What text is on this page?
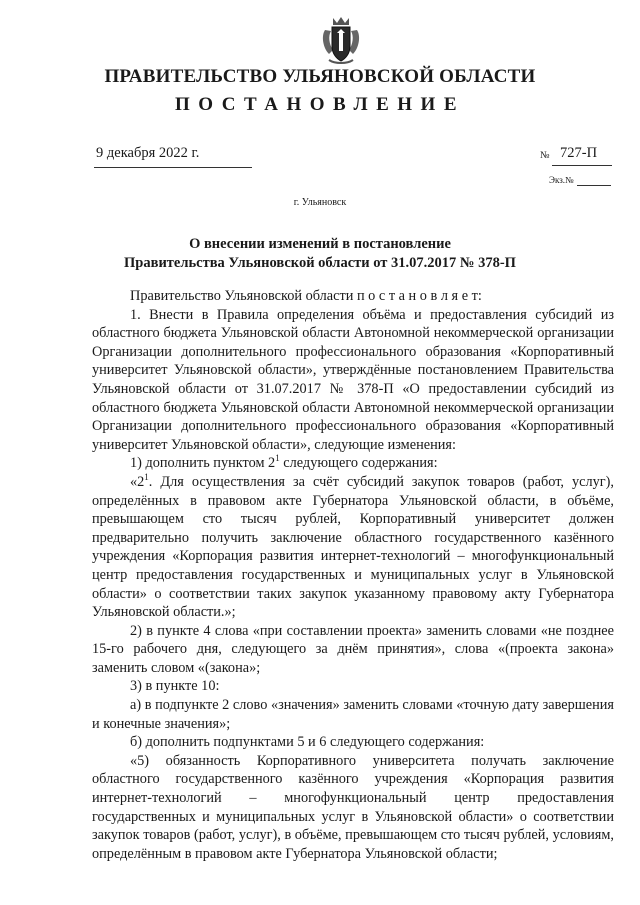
ПРАВИТЕЛЬСТВО УЛЬЯНОВСКОЙ ОБЛАСТИ
ПОСТАНОВЛЕНИЕ
9 декабря 2022 г.	№ 727-П
Экз.№
г. Ульяновск
О внесении изменений в постановление
Правительства Ульяновской области от 31.07.2017 № 378-П

Правительство Ульяновской области п о с т а н о в л я е т:

1. Внести в Правила определения объёма и предоставления субсидий из областного бюджета Ульяновской области Автономной некоммерческой организации Организации дополнительного профессионального образования «Корпоративный университет Ульяновской области», утверждённые постановлением Правительства Ульяновской области от 31.07.2017 № 378-П «О предоставлении субсидий из областного бюджета Ульяновской области Автономной некоммерческой организации Организации дополнительного профессионального образования «Корпоративный университет Ульяновской области», следующие изменения:

1) дополнить пунктом $2^1$ следующего содержания:

«$2^1$. Для осуществления за счёт субсидий закупок товаров (работ, услуг), определённых в правовом акте Губернатора Ульяновской области, в объёме, превышающем сто тысяч рублей, Корпоративный университет должен предварительно получить заключение областного государственного казённого учреждения «Корпорация развития интернет-технологий – многофункциональный центр предоставления государственных и муниципальных услуг в Ульяновской области» о соответствии таких закупок указанному правовому акту Губернатора Ульяновской области.»;

2) в пункте 4 слова «при составлении проекта» заменить словами «не позднее 15-го рабочего дня, следующего за днём принятия», слова «(проекта закона» заменить словом «(закона»;

3) в пункте 10:

а) в подпункте 2 слово «значения» заменить словами «точную дату завершения и конечные значения»;

б) дополнить подпунктами 5 и 6 следующего содержания:

«5) обязанность Корпоративного университета получать заключение областного государственного казённого учреждения «Корпорация развития интернет-технологий – многофункциональный центр предоставления государственных и муниципальных услуг в Ульяновской области» о соответствии закупок товаров (работ, услуг), в объёме, превышающем сто тысяч рублей, условиям, определённым в правовом акте Губернатора Ульяновской области;
